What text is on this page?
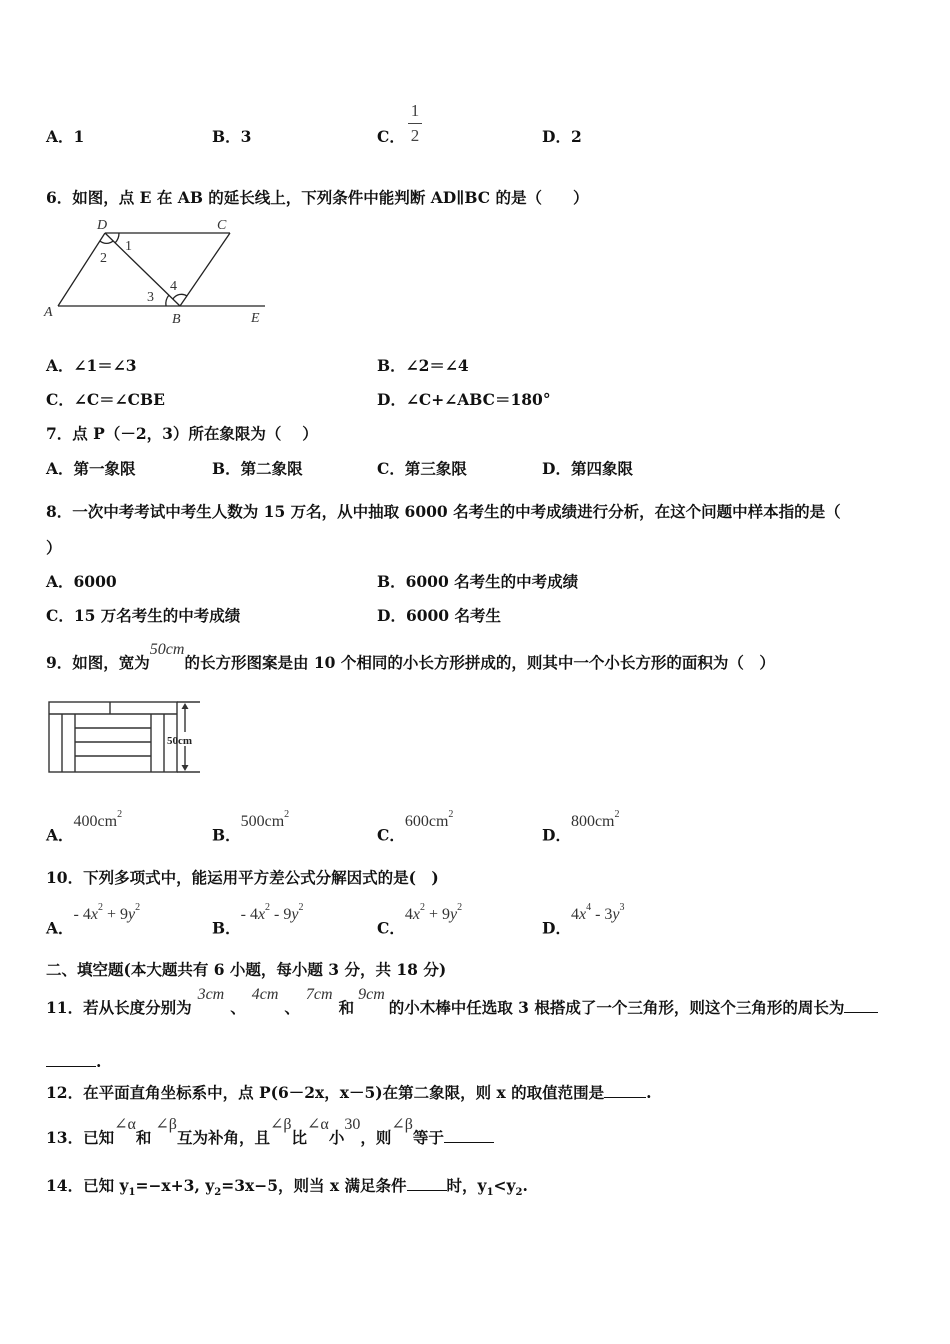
A．1	B．3	C．
1
2	D．2
6．如图，点 E 在 AB 的延长线上，下列条件中能判断 AD∥BC 的是（　　）
D	C
A	B	E
1
2
3
4
A．∠1＝∠3	B．∠2＝∠4
C．∠C＝∠CBE	D．∠C+∠ABC＝180°
7．点 P（－2，3）所在象限为（　 ）
A．第一象限	B．第二象限	C．第三象限	D．第四象限
8．一次中考考试中考生人数为 15 万名，从中抽取 6000 名考生的中考成绩进行分析，在这个问题中样本指的是（
）
A．6000	B．6000 名考生的中考成绩
C．15 万名考生的中考成绩	D．6000 名考生
9．如图，宽为50cm的长方形图案是由 10 个相同的小长方形拼成的，则其中一个小长方形的面积为（　）
50cm
A．$400cm^2$
B．$500cm^2$
C．$600cm^2$
D．$800cm^2$
10．下列多项式中，能运用平方差公式分解因式的是(　)
A．- $4x^2 + 9y^2$
B．- $4x^2 - 9y^2$
C．$4x^2 + 9y^2$
D．$4x^4 - 3y^3$
二、填空题(本大题共有 6 小题，每小题 3 分，共 18 分)
11．若从长度分别为3cm、4cm、7cm和9cm的小木棒中任选取 3 根搭成了一个三角形，则这个三角形的周长为
.
12．在平面直角坐标系中，点 P(6－2x，x－5)在第二象限，则 x 的取值范围是	.
13．已知∠α和∠β互为补角，且∠β比∠α小30，则∠β等于
14．已知 $y_1=-x+3$, $y_2=3x-5$，则当 x 满足条件	时，$y_1<y_2$.
